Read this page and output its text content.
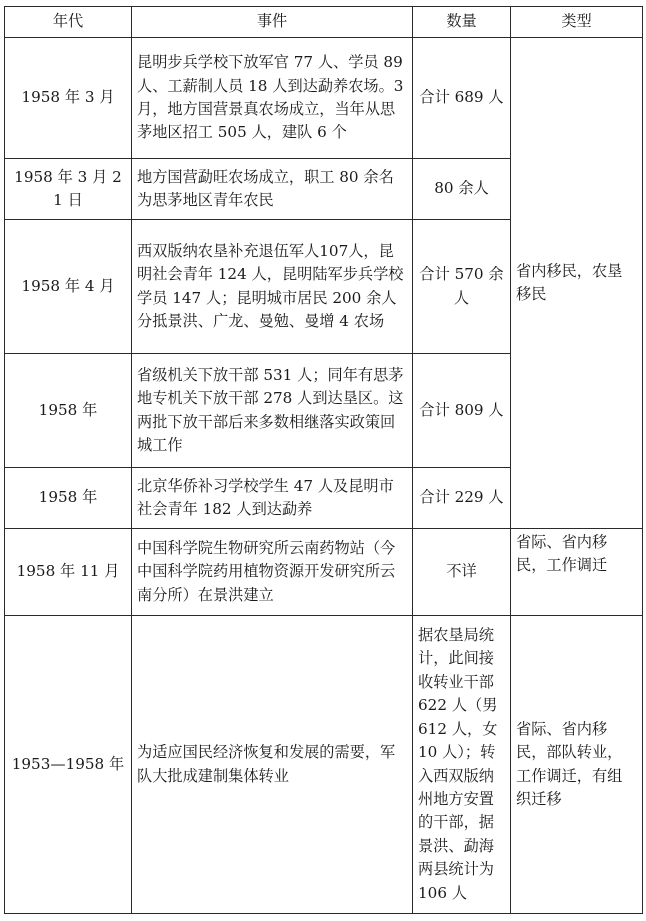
年代	事件	数量	类型
1958 年 3 月	昆明步兵学校下放军官 77 人、学员 89 人、工薪制人员 18 人到达勐养农场。3 月，地方国营景真农场成立，当年从思茅地区招工 505 人，建队 6 个	合计 689 人	省内移民，农垦移民
1958 年 3 月 21 日	地方国营勐旺农场成立，职工 80 余名为思茅地区青年农民	80 余人	
1958 年 4 月	西双版纳农垦补充退伍军人107人，昆明社会青年 124 人，昆明陆军步兵学校学员 147 人；昆明城市居民 200 余人分抵景洪、广龙、曼勉、曼增 4 农场	合计 570 余人	
1958 年	省级机关下放干部 531 人；同年有思茅地专机关下放干部 278 人到达垦区。这两批下放干部后来多数相继落实政策回城工作	合计 809 人	
1958 年	北京华侨补习学校学生 47 人及昆明市社会青年 182 人到达勐养	合计 229 人	
1958 年 11 月	中国科学院生物研究所云南药物站（今中国科学院药用植物资源开发研究所云南分所）在景洪建立	不详	省际、省内移民，工作调迁
1953—1958 年	为适应国民经济恢复和发展的需要，军队大批成建制集体转业	据农垦局统计，此间接收转业干部 622 人（男 612 人，女 10 人）；转入西双版纳州地方安置的干部，据景洪、勐海两县统计为 106 人	省际、省内移民，部队转业，工作调迁，有组织迁移
